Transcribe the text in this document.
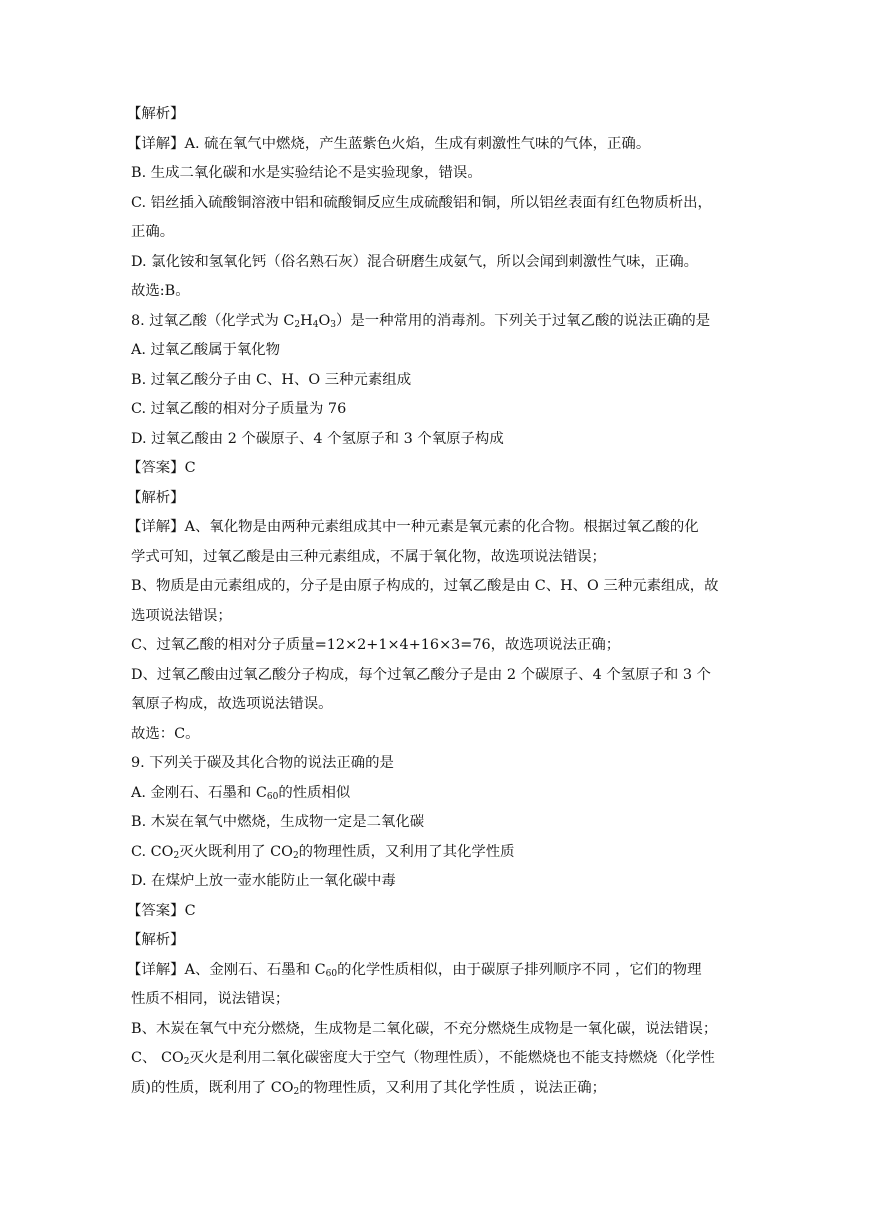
【解析】
【详解】A. 硫在氧气中燃烧，产生蓝紫色火焰，生成有刺激性气味的气体，正确。
B. 生成二氧化碳和水是实验结论不是实验现象，错误。
C. 铝丝插入硫酸铜溶液中铝和硫酸铜反应生成硫酸铝和铜，所以铝丝表面有红色物质析出，
正确。
D. 氯化铵和氢氧化钙（俗名熟石灰）混合研磨生成氨气，所以会闻到刺激性气味，正确。
故选:B。
8. 过氧乙酸（化学式为 $C_2H_4O_3$）是一种常用的消毒剂。下列关于过氧乙酸的说法正确的是
A. 过氧乙酸属于氧化物
B. 过氧乙酸分子由 C、H、O 三种元素组成
C. 过氧乙酸的相对分子质量为 76
D. 过氧乙酸由 2 个碳原子、4 个氢原子和 3 个氧原子构成
【答案】C
【解析】
【详解】A、氧化物是由两种元素组成其中一种元素是氧元素的化合物。根据过氧乙酸的化
学式可知，过氧乙酸是由三种元素组成，不属于氧化物，故选项说法错误；
B、物质是由元素组成的，分子是由原子构成的，过氧乙酸是由 C、H、O 三种元素组成，故
选项说法错误；
C、过氧乙酸的相对分子质量=12×2+1×4+16×3=76，故选项说法正确；
D、过氧乙酸由过氧乙酸分子构成，每个过氧乙酸分子是由 2 个碳原子、4 个氢原子和 3 个
氧原子构成，故选项说法错误。
故选：C。
9. 下列关于碳及其化合物的说法正确的是
A. 金刚石、石墨和 $C_{60}$的性质相似
B. 木炭在氧气中燃烧，生成物一定是二氧化碳
C. $CO_2$灭火既利用了 $CO_2$的物理性质，又利用了其化学性质
D. 在煤炉上放一壶水能防止一氧化碳中毒
【答案】C
【解析】
【详解】A、金刚石、石墨和 $C_{60}$的化学性质相似，由于碳原子排列顺序不同 ，它们的物理
性质不相同，说法错误；
B、木炭在氧气中充分燃烧，生成物是二氧化碳，不充分燃烧生成物是一氧化碳，说法错误；
C、 $CO_2$灭火是利用二氧化碳密度大于空气（物理性质），不能燃烧也不能支持燃烧（化学性
质)的性质，既利用了 $CO_2$的物理性质，又利用了其化学性质 ，说法正确；
